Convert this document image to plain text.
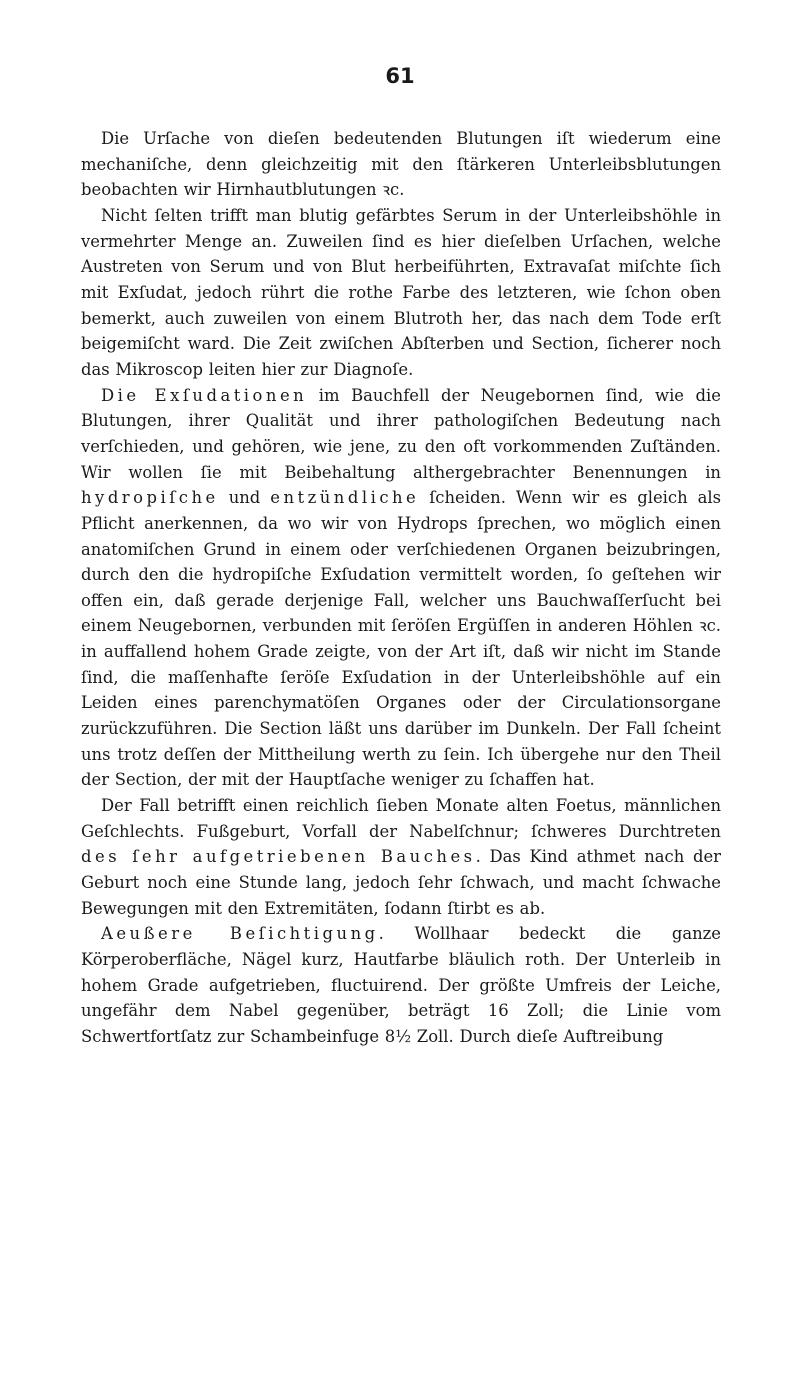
61

Die Urſache von dieſen bedeutenden Blutungen iſt wiederum eine mechaniſche, denn gleichzeitig mit den ſtärkeren Unterleibsblutungen beobachten wir Hirnhautblutungen ꝛc.

Nicht ſelten trifft man blutig gefärbtes Serum in der Unterleibshöhle in vermehrter Menge an. Zuweilen ſind es hier dieſelben Urſachen, welche Austreten von Serum und von Blut herbeiführten, Extravaſat miſchte ſich mit Exſudat, jedoch rührt die rothe Farbe des letzteren, wie ſchon oben bemerkt, auch zuweilen von einem Blutroth her, das nach dem Tode erſt beigemiſcht ward. Die Zeit zwiſchen Abſterben und Section, ſicherer noch das Mikroscop leiten hier zur Diagnoſe.

Die Exſudationen im Bauchfell der Neugebornen ſind, wie die Blutungen, ihrer Qualität und ihrer pathologiſchen Bedeutung nach verſchieden, und gehören, wie jene, zu den oft vorkommenden Zuſtänden. Wir wollen ſie mit Beibehaltung althergebrachter Benennungen in hydropiſche und entzündliche ſcheiden. Wenn wir es gleich als Pflicht anerkennen, da wo wir von Hydrops ſprechen, wo möglich einen anatomiſchen Grund in einem oder verſchiedenen Organen beizubringen, durch den die hydropiſche Exſudation vermittelt worden, ſo geſtehen wir offen ein, daß gerade derjenige Fall, welcher uns Bauchwaſſerſucht bei einem Neugebornen, verbunden mit ſeröſen Ergüſſen in anderen Höhlen ꝛc. in auffallend hohem Grade zeigte, von der Art iſt, daß wir nicht im Stande ſind, die maſſenhafte ſeröſe Exſudation in der Unterleibshöhle auf ein Leiden eines parenchymatöſen Organes oder der Circulationsorgane zurückzuführen. Die Section läßt uns darüber im Dunkeln. Der Fall ſcheint uns trotz deſſen der Mittheilung werth zu ſein. Ich übergehe nur den Theil der Section, der mit der Hauptſache weniger zu ſchaffen hat.

Der Fall betrifft einen reichlich ſieben Monate alten Foetus, männlichen Geſchlechts. Fußgeburt, Vorfall der Nabelſchnur; ſchweres Durchtreten des ſehr aufgetriebenen Bauches. Das Kind athmet nach der Geburt noch eine Stunde lang, jedoch ſehr ſchwach, und macht ſchwache Bewegungen mit den Extremitäten, ſodann ſtirbt es ab.

Aeußere Beſichtigung. Wollhaar bedeckt die ganze Körperoberfläche, Nägel kurz, Hautfarbe bläulich roth. Der Unterleib in hohem Grade aufgetrieben, fluctuirend. Der größte Umfreis der Leiche, ungefähr dem Nabel gegenüber, beträgt 16 Zoll; die Linie vom Schwertfortſatz zur Schambeinfuge 8½ Zoll. Durch dieſe Auftreibung
